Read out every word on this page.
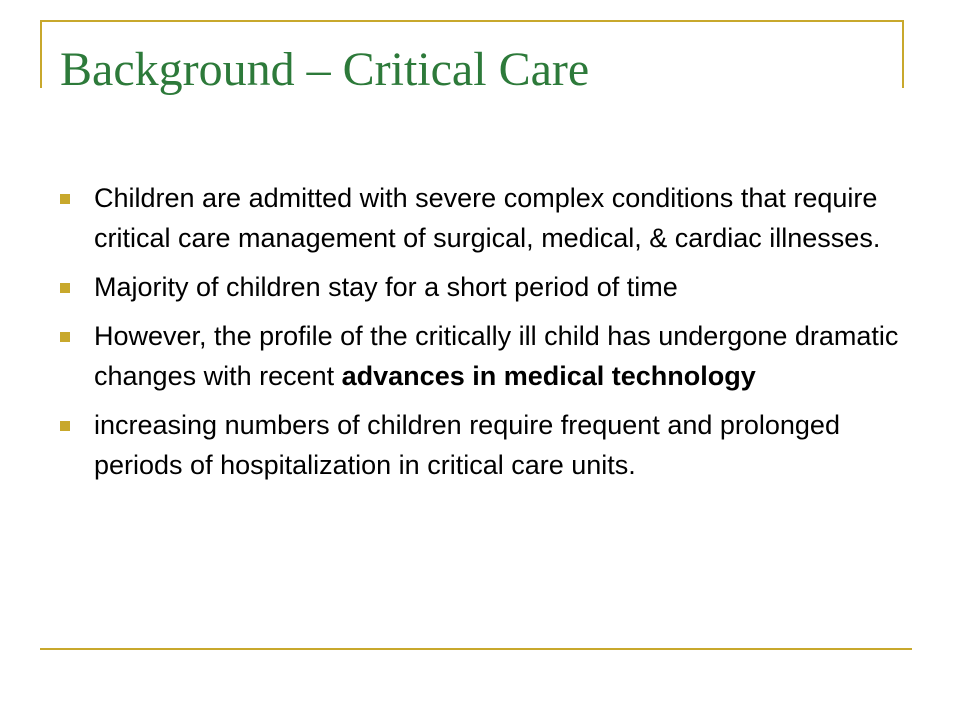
Background – Critical Care
Children are admitted with severe complex conditions that require critical care management of surgical, medical, & cardiac illnesses.
Majority of children stay for a short period of time
However, the profile of the critically ill child has undergone dramatic changes with recent advances in medical technology
increasing numbers of children require frequent and prolonged periods of hospitalization in critical care units.
